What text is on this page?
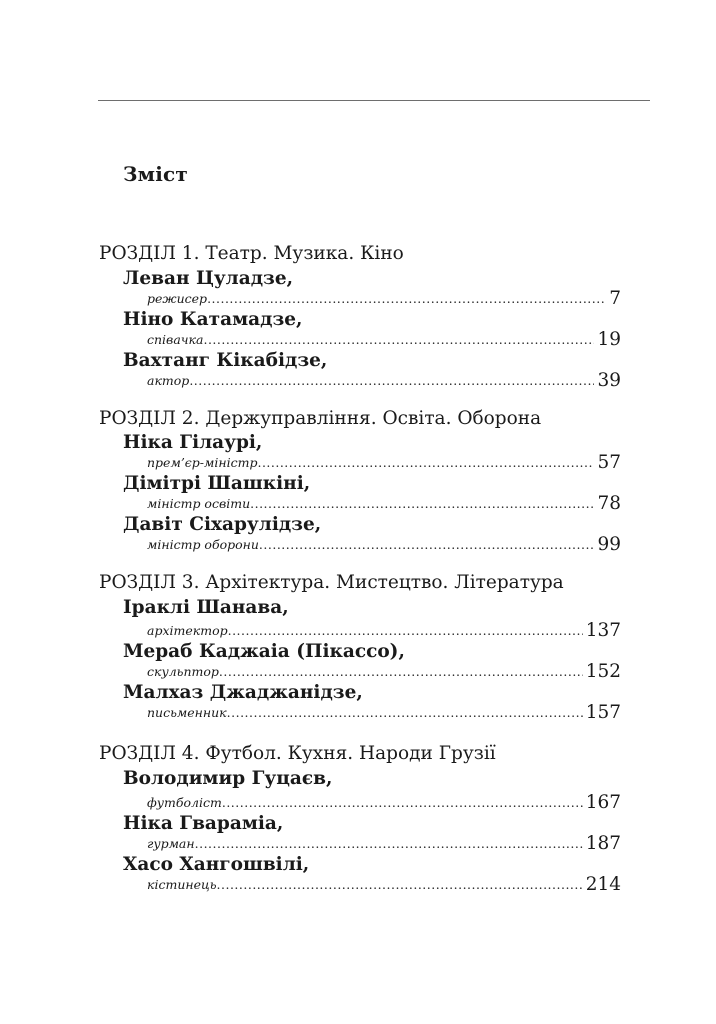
Зміст
РОЗДІЛ 1. Театр. Музика. Кіно
Леван Цуладзе,
режисер .....	7
Ніно Катамадзе,
співачка .....	19
Вахтанг Кікабідзе,
актор .....	39
РОЗДІЛ 2. Держуправління. Освіта. Оборона
Ніка Гілаурі,
прем’єр-міністр .....	57
Дімітрі Шашкіні,
міністр освіти .....	78
Давіт Сіхарулідзе,
міністр оборони .....	99
РОЗДІЛ 3. Архітектура. Мистецтво. Література
Іраклі Шанава,
архітектор .....	137
Мераб Каджаіа (Пікассо),
скульптор .....	152
Малхаз Джаджанідзе,
письменник .....	157
РОЗДІЛ 4. Футбол. Кухня. Народи Грузії
Володимир Гуцаєв,
футболіст .....	167
Ніка Гвараміа,
гурман .....	187
Хасо Хангошвілі,
кістинець .....	214
